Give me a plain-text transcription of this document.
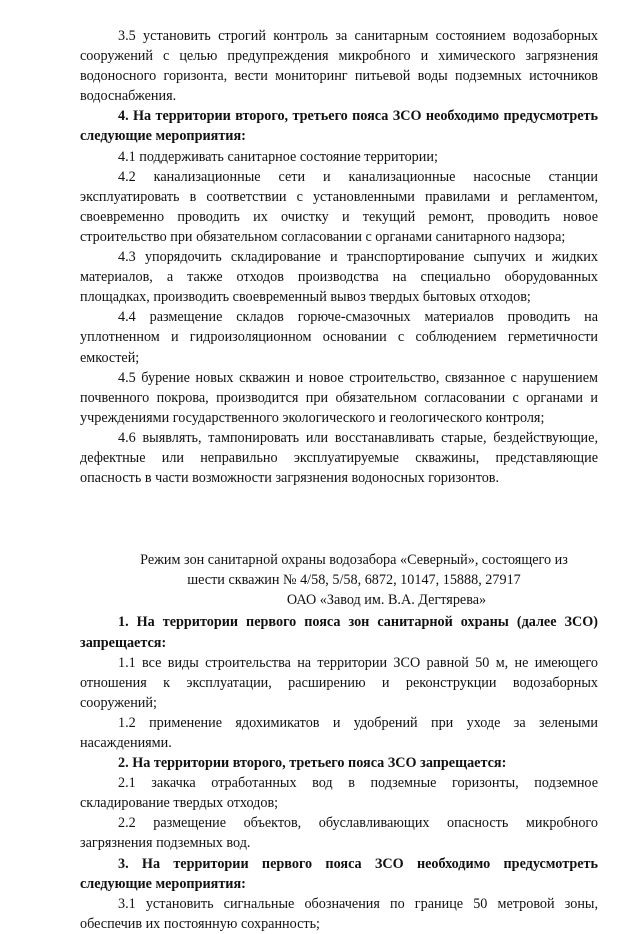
3.5 установить строгий контроль за санитарным состоянием водозаборных сооружений с целью предупреждения микробного и химического загрязнения водоносного горизонта, вести мониторинг питьевой воды подземных источников водоснабжения.

4. На территории второго, третьего пояса ЗСО необходимо предусмотреть следующие мероприятия:

4.1 поддерживать санитарное состояние территории;

4.2 канализационные сети и канализационные насосные станции эксплуатировать в соответствии с установленными правилами и регламентом, своевременно проводить их очистку и текущий ремонт, проводить новое строительство при обязательном согласовании с органами санитарного надзора;

4.3 упорядочить складирование и транспортирование сыпучих и жидких материалов, а также отходов производства на специально оборудованных площадках, производить своевременный вывоз твердых бытовых отходов;

4.4 размещение складов горюче-смазочных материалов проводить на уплотненном и гидроизоляционном основании с соблюдением герметичности емкостей;

4.5 бурение новых скважин и новое строительство, связанное с нарушением почвенного покрова, производится при обязательном согласовании с органами и учреждениями государственного экологического и геологического контроля;

4.6 выявлять, тампонировать или восстанавливать старые, бездействующие, дефектные или неправильно эксплуатируемые скважины, представляющие опасность в части возможности загрязнения водоносных горизонтов.

Режим зон санитарной охраны водозабора «Северный», состоящего из
шести скважин № 4/58, 5/58, 6872, 10147, 15888, 27917
ОАО «Завод им. В.А. Дегтярева»

1. На территории первого пояса зон санитарной охраны (далее ЗСО) запрещается:

1.1 все виды строительства на территории ЗСО равной 50 м, не имеющего отношения к эксплуатации, расширению и реконструкции водозаборных сооружений;

1.2 применение ядохимикатов и удобрений при уходе за зелеными насаждениями.

2. На территории второго, третьего пояса ЗСО запрещается:

2.1 закачка отработанных вод в подземные горизонты, подземное складирование твердых отходов;

2.2 размещение объектов, обуславливающих опасность микробного загрязнения подземных вод.

3. На территории первого пояса ЗСО необходимо предусмотреть следующие мероприятия:

3.1 установить сигнальные обозначения по границе 50 метровой зоны, обеспечив их постоянную сохранность;
